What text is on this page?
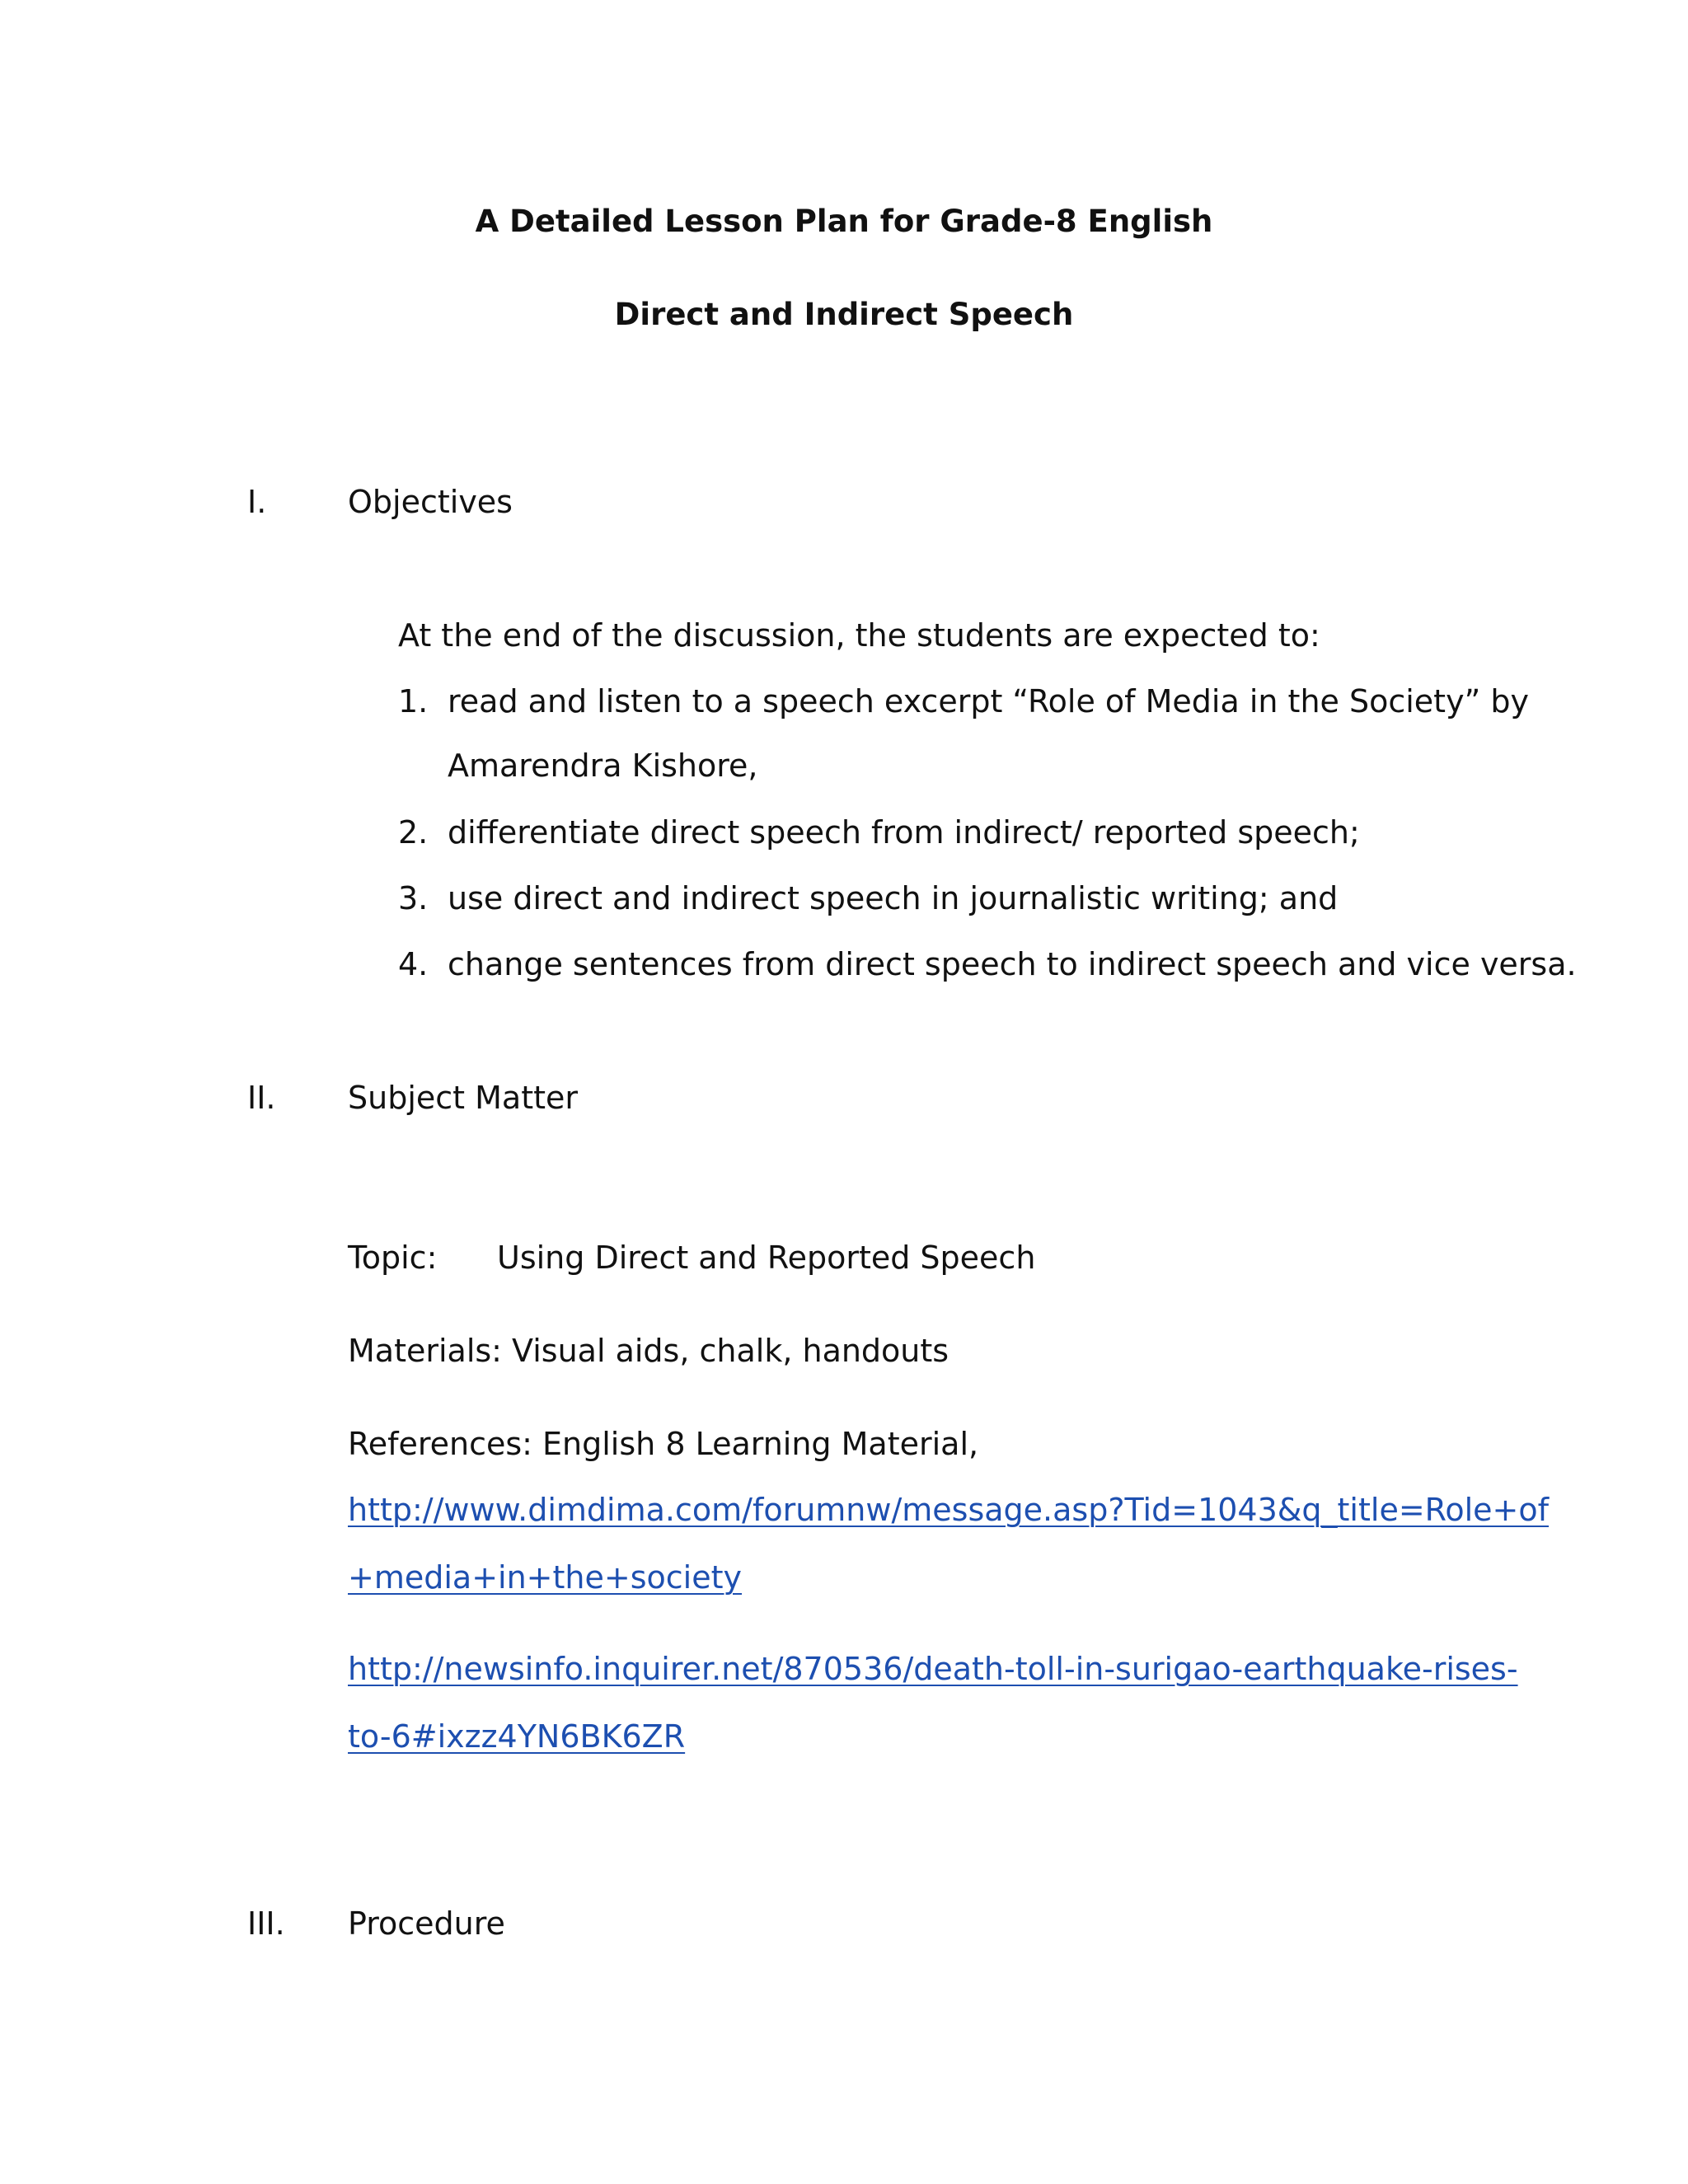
A Detailed Lesson Plan for Grade-8 English
Direct and Indirect Speech
I.	Objectives
At the end of the discussion, the students are expected to:
1. read and listen to a speech excerpt “Role of Media in the Society” by
Amarendra Kishore,
2. differentiate direct speech from indirect/ reported speech;
3. use direct and indirect speech in journalistic writing; and
4. change sentences from direct speech to indirect speech and vice versa.
II. Subject Matter
Topic: Using Direct and Reported Speech
Materials: Visual aids, chalk, handouts
References: English 8 Learning Material,
http://www.dimdima.com/forumnw/message.asp?Tid=1043&q_title=Role+of
+media+in+the+society
http://newsinfo.inquirer.net/870536/death-toll-in-surigao-earthquake-rises-
to-6#ixzz4YN6BK6ZR
III. Procedure
